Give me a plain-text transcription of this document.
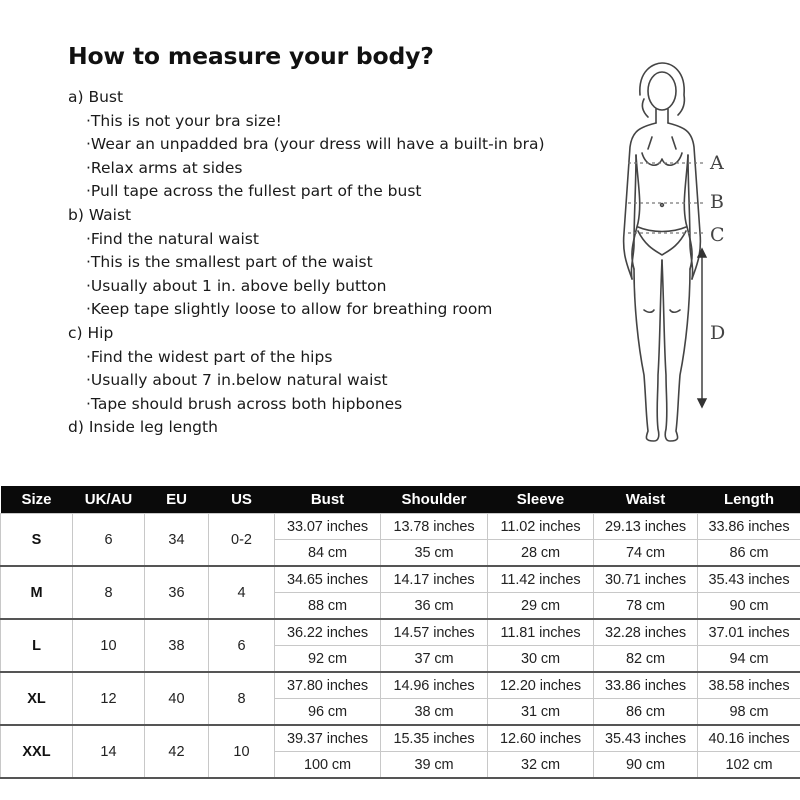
How to measure your body?
a) Bust
·This is not your bra size!
·Wear an unpadded bra (your dress will have a built-in bra)
·Relax arms at sides
·Pull tape across the fullest part of the bust
b) Waist
·Find the natural waist
·This is the smallest part of the waist
·Usually about 1 in. above belly button
·Keep tape slightly loose to allow for breathing room
c) Hip
·Find the widest part of the hips
·Usually about 7 in.below natural waist
·Tape should brush across both hipbones
d) Inside leg length
A
B
C
D
Size	UK/AU	EU	US	Bust	Shoulder	Sleeve	Waist	Length
S	6	34	0-2	33.07 inches	13.78 inches	11.02 inches	29.13 inches	33.86 inches
				84 cm	35 cm	28 cm	74 cm	86 cm
M	8	36	4	34.65 inches	14.17 inches	11.42 inches	30.71 inches	35.43 inches
				88 cm	36 cm	29 cm	78 cm	90 cm
L	10	38	6	36.22 inches	14.57 inches	11.81 inches	32.28 inches	37.01 inches
				92 cm	37 cm	30 cm	82 cm	94 cm
XL	12	40	8	37.80 inches	14.96 inches	12.20 inches	33.86 inches	38.58 inches
				96 cm	38 cm	31 cm	86 cm	98 cm
XXL	14	42	10	39.37 inches	15.35 inches	12.60 inches	35.43 inches	40.16 inches
				100 cm	39 cm	32 cm	90 cm	102 cm
